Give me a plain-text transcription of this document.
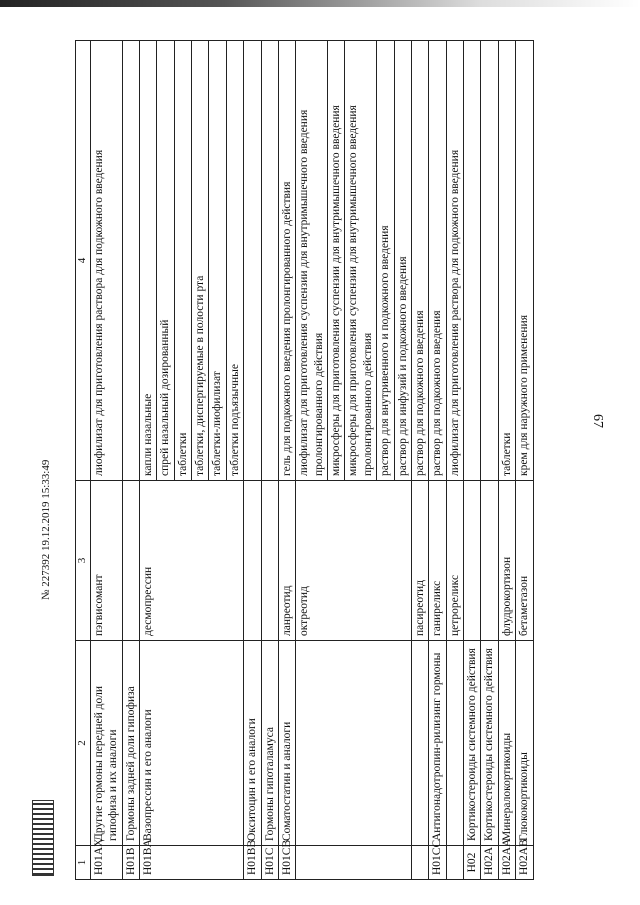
67
№ 227392 19.12.2019 15:33:49
1	2	3	4
H01AX	Другие гормоны передней доли гипофиза и их аналоги	пэгвисомант	лиофилизат для приготовления раствора для подкожного введения
H01B	Гормоны задней доли гипофиза		
H01BA	Вазопрессин и его аналоги	десмопрессин	капли назальные
			спрей назальный дозированный
			таблетки
			таблетки, диспергируемые в полости рта
			таблетки-лиофилизат
			таблетки подъязычные
H01BB	Окситоцин и его аналоги		
H01C	Гормоны гипоталамуса		
H01CB	Соматостатин и аналоги	ланреотид	гель для подкожного введения пролонгированного действия
		октреотид	лиофилизат для приготовления суспензии для внутримышечного введения пролонгированного действия
			микросферы для приготовления суспензии для внутримышечного введения
			микросферы для приготовления суспензии для внутримышечного введения пролонгированного действия
			раствор для внутривенного и подкожного введения
			раствор для инфузий и подкожного введения
		пасиреотид	раствор для подкожного введения
H01CC	Антигонадотропин-рилизинг гормоны	ганиреликс	раствор для подкожного введения
		цетрореликс	лиофилизат для приготовления раствора для подкожного введения
H02	Кортикостероиды системного действия		
H02A	Кортикостероиды системного действия		
H02AA	Минералокортикоиды	флудрокортизон	таблетки
H02AB	Глюкокортикоиды	бетаметазон	крем для наружного применения
